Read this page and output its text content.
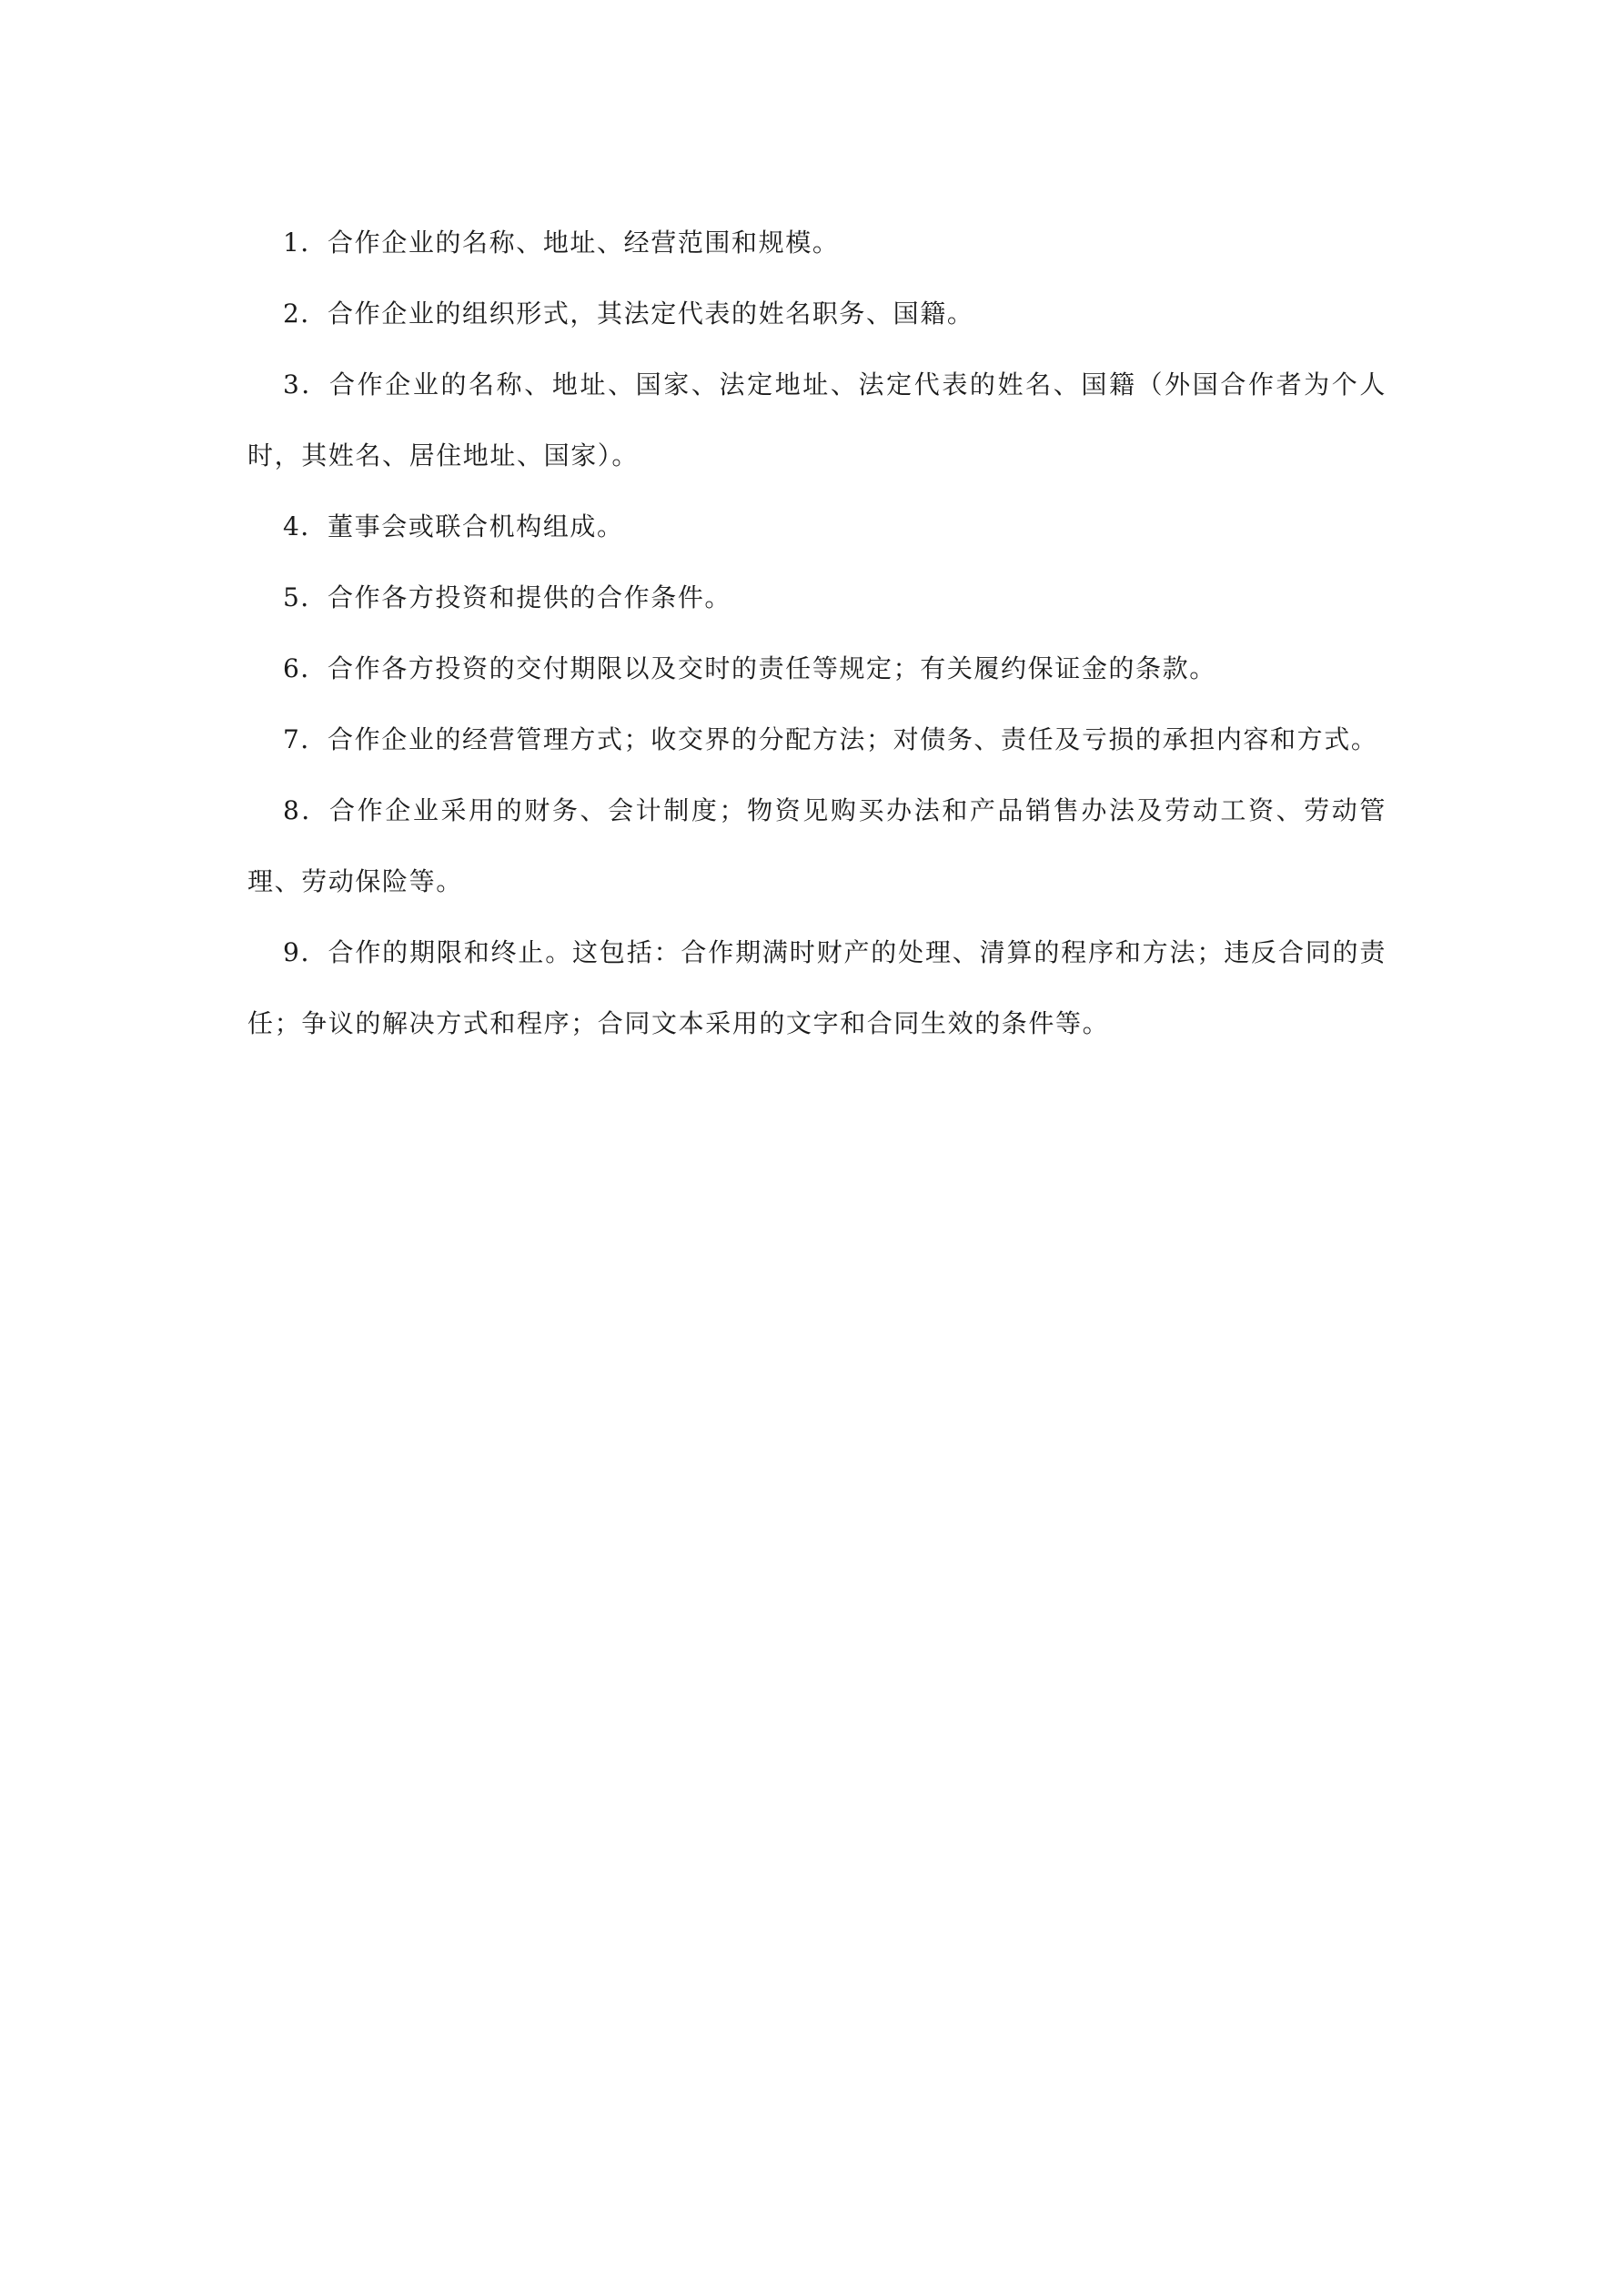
1．合作企业的名称、地址、经营范围和规模。

2．合作企业的组织形式，其法定代表的姓名职务、国籍。

3．合作企业的名称、地址、国家、法定地址、法定代表的姓名、国籍（外国合作者为个人时，其姓名、居住地址、国家）。

4．董事会或联合机构组成。

5．合作各方投资和提供的合作条件。

6．合作各方投资的交付期限以及交时的责任等规定；有关履约保证金的条款。

7．合作企业的经营管理方式；收交界的分配方法；对债务、责任及亏损的承担内容和方式。

8．合作企业采用的财务、会计制度；物资见购买办法和产品销售办法及劳动工资、劳动管理、劳动保险等。

9．合作的期限和终止。这包括：合作期满时财产的处理、清算的程序和方法；违反合同的责任；争议的解决方式和程序；合同文本采用的文字和合同生效的条件等。
